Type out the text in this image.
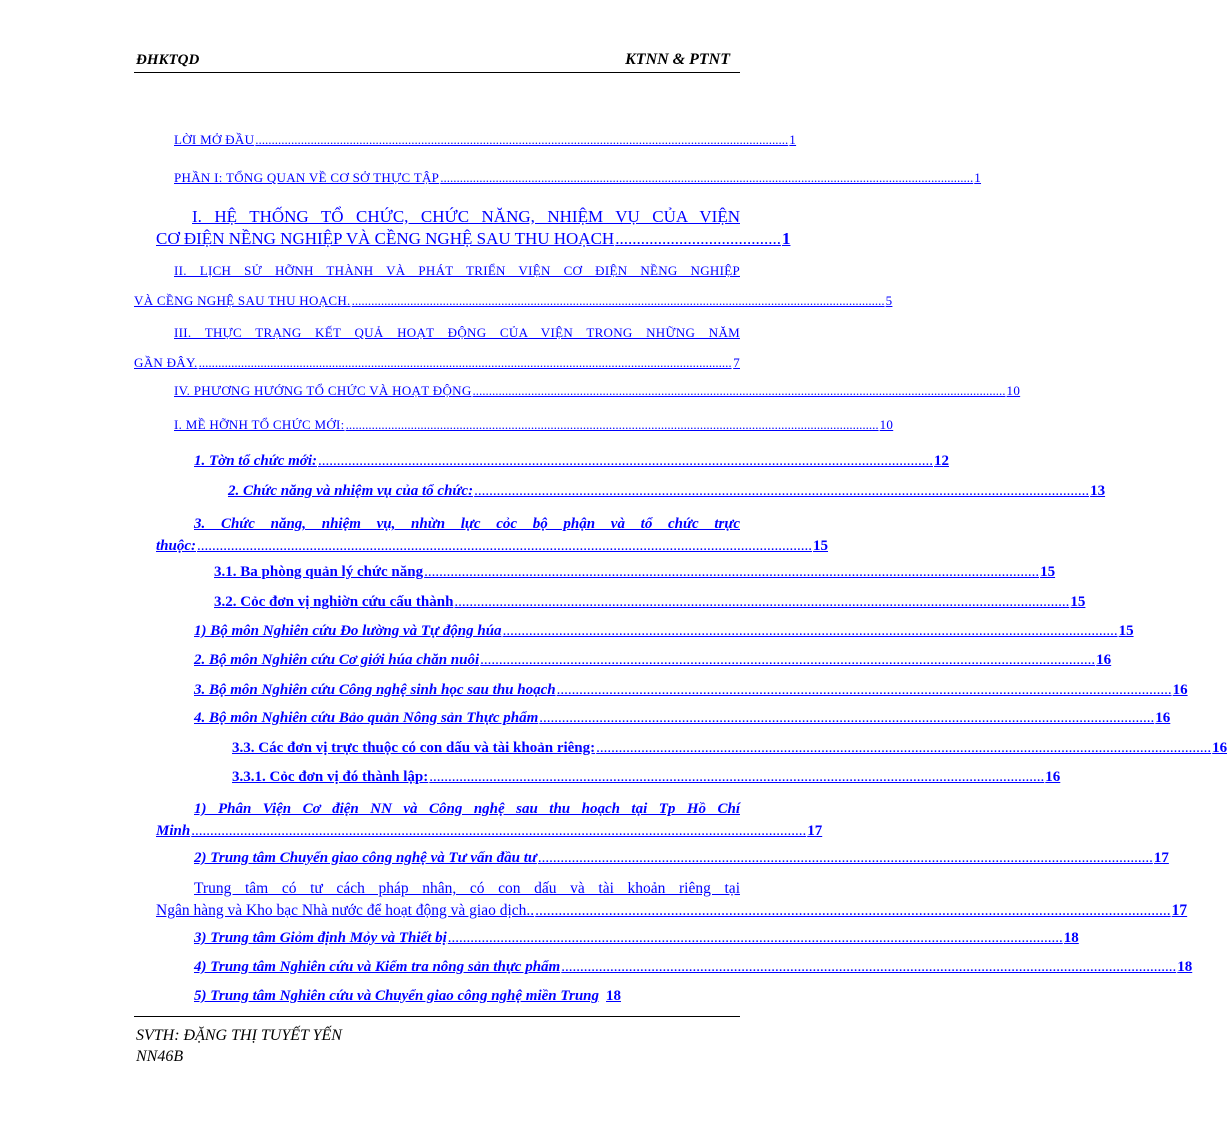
ĐHKTQD	KTNN & PTNT
LỜI MỞ ĐẦU .................................................................................................................................................................... 1
PHẦN I: TỔNG QUAN VỀ CƠ SỞ THỰC TẬP .................................................................................................................................................................... 1
I. HỆ THỐNG TỔ CHỨC, CHỨC NĂNG, NHIỆM VỤ CỦA VIỆN
CƠ ĐIỆN NỀNG NGHIỆP VÀ CỀNG NGHỆ SAU THU HOẠCH ....................................... 1
II. LỊCH SỬ HỠNH THÀNH VÀ PHÁT TRIỂN VIỆN CƠ ĐIỆN NỀNG NGHIỆP
VÀ CỀNG NGHỆ SAU THU HOẠCH. .................................................................................................................................................................... 5
III. THỰC TRẠNG KẾT QUẢ HOẠT ĐỘNG CỦA VIỆN TRONG NHỮNG NĂM
GẦN ĐÂY. .................................................................................................................................................................... 7
IV. PHƯƠNG HƯỚNG TỔ CHỨC VÀ HOẠT ĐỘNG .................................................................................................................................................................... 10
I. MỀ HỠNH TỔ CHỨC MỚI: .................................................................................................................................................................... 10
1. Tờn tổ chức mới: .................................................................................................................................................................... 12
2. Chức năng và nhiệm vụ của tổ chức: .................................................................................................................................................................... 13
3. Chức năng, nhiệm vụ, nhừn lực cỏc bộ phận và tổ chức trực
thuộc: .................................................................................................................................................................... 15
3.1. Ba phòng quản lý chức năng .................................................................................................................................................................... 15
3.2. Cỏc đơn vị nghiờn cứu cấu thành .................................................................................................................................................................... 15
1) Bộ môn Nghiên cứu Đo lường và Tự động húa .................................................................................................................................................................... 15
2. Bộ môn Nghiên cứu Cơ giới húa chăn nuôi .................................................................................................................................................................... 16
3. Bộ môn Nghiên cứu Công nghệ sinh học sau thu hoạch .................................................................................................................................................................... 16
4. Bộ môn Nghiên cứu Bảo quản Nông sản Thực phẩm .................................................................................................................................................................... 16
3.3. Các đơn vị trực thuộc có con dấu và tài khoản riêng: .................................................................................................................................................................... 16
3.3.1. Cỏc đơn vị đó thành lập: .................................................................................................................................................................... 16
1) Phân Viện Cơ điện NN và Công nghệ sau thu hoạch tại Tp Hồ Chí
Minh .................................................................................................................................................................... 17
2) Trung tâm Chuyển giao công nghệ và Tư vấn đầu tư .................................................................................................................................................................... 17
Trung tâm có tư cách pháp nhân, có con dấu và tài khoản riêng tại
Ngân hàng và Kho bạc Nhà nước để hoạt động và giao dịch.. .................................................................................................................................................................... 17
3) Trung tâm Giỏm định Mỏy và Thiết bị .................................................................................................................................................................... 18
4) Trung tâm Nghiên cứu và Kiểm tra nông sản thực phẩm .................................................................................................................................................................... 18
5) Trung tâm Nghiên cứu và Chuyển giao công nghệ miền Trung 18
SVTH: ĐẶNG THỊ TUYẾT YẾN
NN46B
